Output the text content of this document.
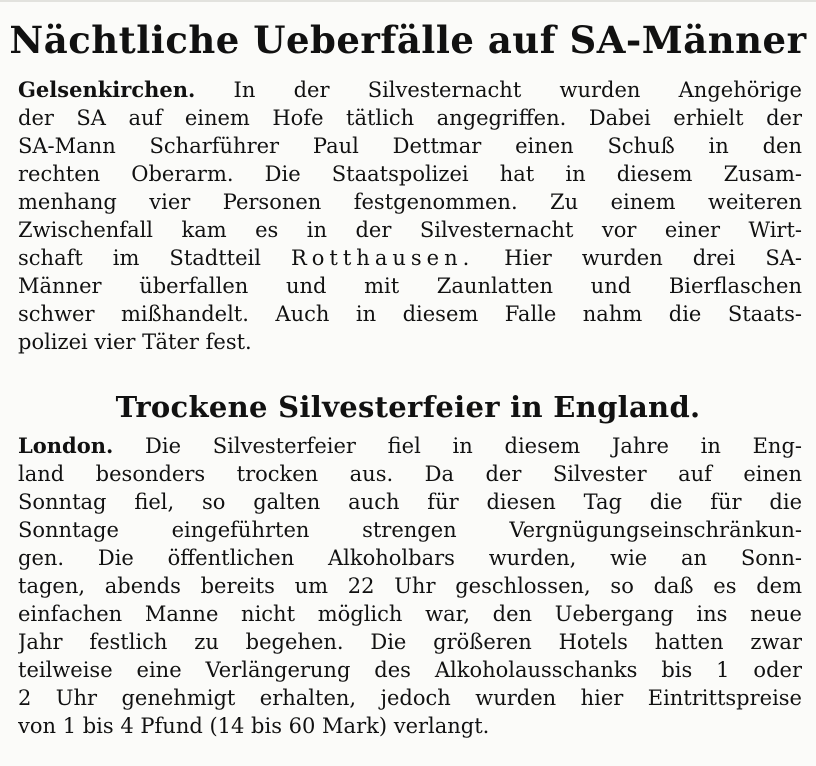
Nächtliche Ueberfälle auf SA-Männer
Gelsenkirchen. In der Silvesternacht wurden Angehörige
der SA auf einem Hofe tätlich angegriffen. Dabei erhielt der
SA-Mann Scharführer Paul Dettmar einen Schuß in den
rechten Oberarm. Die Staatspolizei hat in diesem Zusam-
menhang vier Personen festgenommen. Zu einem weiteren
Zwischenfall kam es in der Silvesternacht vor einer Wirt-
schaft im Stadtteil Rotthausen. Hier wurden drei SA-
Männer überfallen und mit Zaunlatten und Bierflaschen
schwer mißhandelt. Auch in diesem Falle nahm die Staats-
polizei vier Täter fest.
Trockene Silvesterfeier in England.
London. Die Silvesterfeier fiel in diesem Jahre in Eng-
land besonders trocken aus. Da der Silvester auf einen
Sonntag fiel, so galten auch für diesen Tag die für die
Sonntage eingeführten strengen Vergnügungseinschränkun-
gen. Die öffentlichen Alkoholbars wurden, wie an Sonn-
tagen, abends bereits um 22 Uhr geschlossen, so daß es dem
einfachen Manne nicht möglich war, den Uebergang ins neue
Jahr festlich zu begehen. Die größeren Hotels hatten zwar
teilweise eine Verlängerung des Alkoholausschanks bis 1 oder
2 Uhr genehmigt erhalten, jedoch wurden hier Eintrittspreise
von 1 bis 4 Pfund (14 bis 60 Mark) verlangt.
